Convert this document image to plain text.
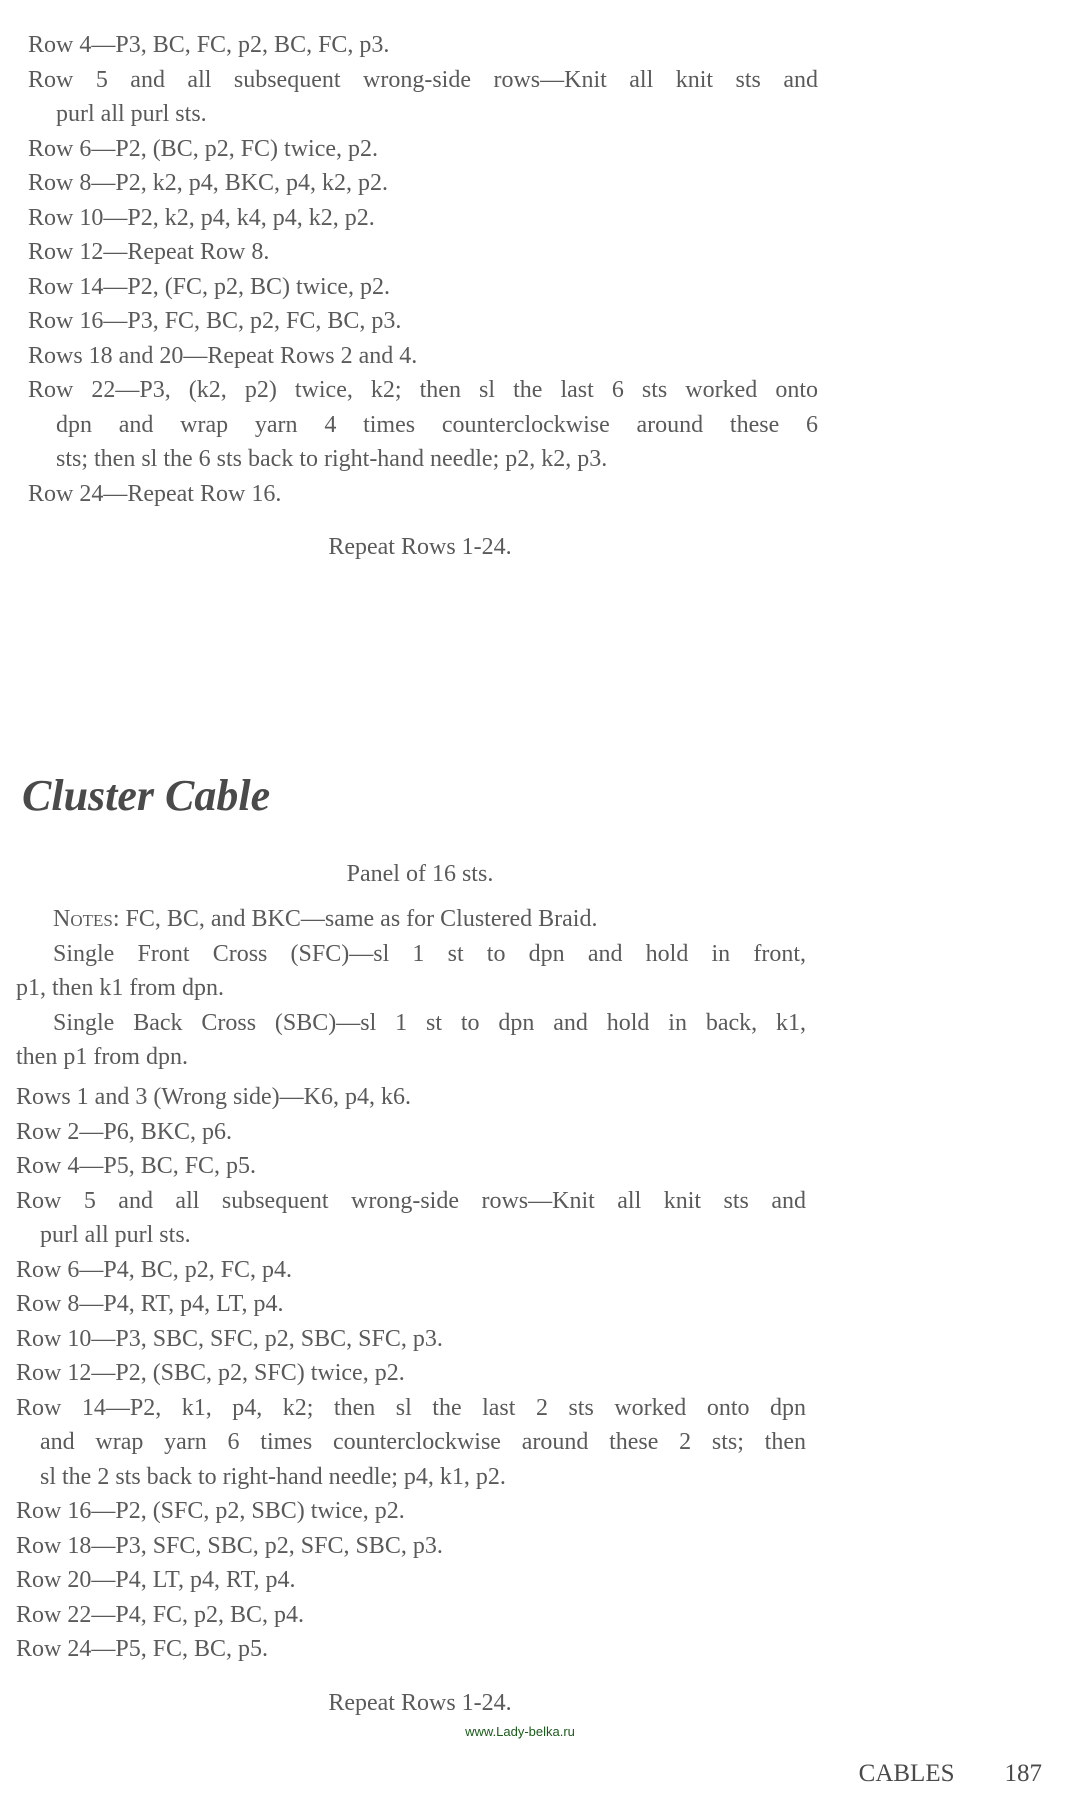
Row 4—P3, BC, FC, p2, BC, FC, p3.
Row 5 and all subsequent wrong-side rows—Knit all knit sts and
purl all purl sts.
Row 6—P2, (BC, p2, FC) twice, p2.
Row 8—P2, k2, p4, BKC, p4, k2, p2.
Row 10—P2, k2, p4, k4, p4, k2, p2.
Row 12—Repeat Row 8.
Row 14—P2, (FC, p2, BC) twice, p2.
Row 16—P3, FC, BC, p2, FC, BC, p3.
Rows 18 and 20—Repeat Rows 2 and 4.
Row 22—P3, (k2, p2) twice, k2; then sl the last 6 sts worked onto
dpn and wrap yarn 4 times counterclockwise around these 6
sts; then sl the 6 sts back to right-hand needle; p2, k2, p3.
Row 24—Repeat Row 16.
Repeat Rows 1-24.
Cluster Cable
Panel of 16 sts.
Notes: FC, BC, and BKC—same as for Clustered Braid.
Single Front Cross (SFC)—sl 1 st to dpn and hold in front,
p1, then k1 from dpn.
Single Back Cross (SBC)—sl 1 st to dpn and hold in back, k1,
then p1 from dpn.
Rows 1 and 3 (Wrong side)—K6, p4, k6.
Row 2—P6, BKC, p6.
Row 4—P5, BC, FC, p5.
Row 5 and all subsequent wrong-side rows—Knit all knit sts and
purl all purl sts.
Row 6—P4, BC, p2, FC, p4.
Row 8—P4, RT, p4, LT, p4.
Row 10—P3, SBC, SFC, p2, SBC, SFC, p3.
Row 12—P2, (SBC, p2, SFC) twice, p2.
Row 14—P2, k1, p4, k2; then sl the last 2 sts worked onto dpn
and wrap yarn 6 times counterclockwise around these 2 sts; then
sl the 2 sts back to right-hand needle; p4, k1, p2.
Row 16—P2, (SFC, p2, SBC) twice, p2.
Row 18—P3, SFC, SBC, p2, SFC, SBC, p3.
Row 20—P4, LT, p4, RT, p4.
Row 22—P4, FC, p2, BC, p4.
Row 24—P5, FC, BC, p5.
Repeat Rows 1-24.
www.Lady-belka.ru
CABLES 187
